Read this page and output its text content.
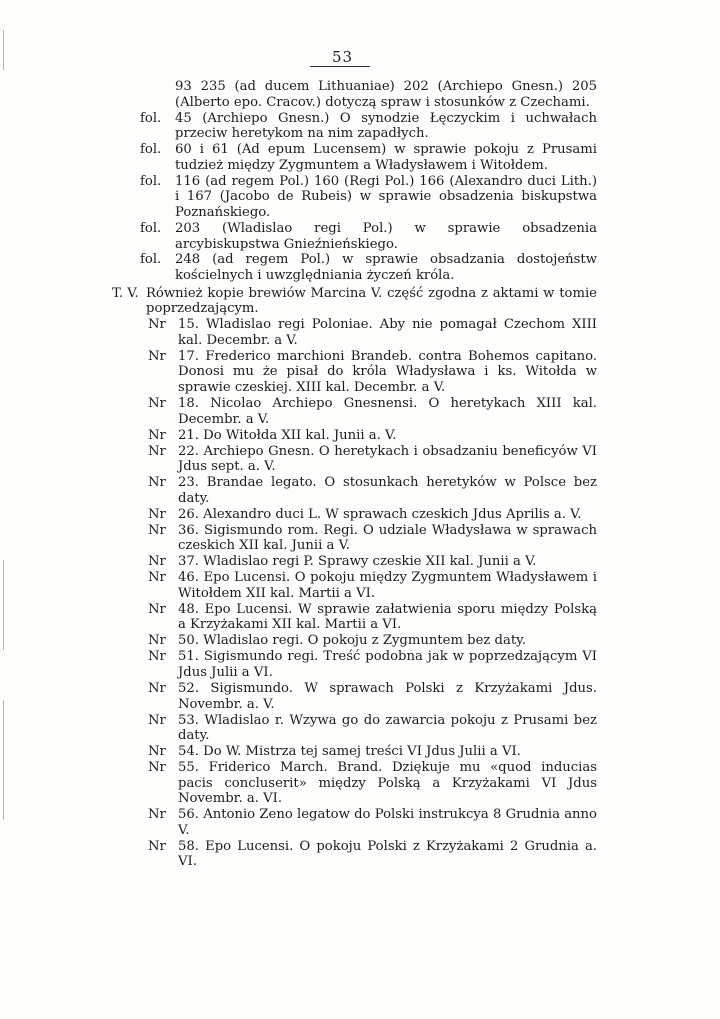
53
93 235 (ad ducem Lithuaniae) 202 (Archiepo Gnesn.) 205 (Alberto epo. Cracov.) dotyczą spraw i stosunków z Czechami.
fol. 45 (Archiepo Gnesn.) O synodzie Łęczyckim i uchwałach przeciw heretykom na nim zapadłych.
fol. 60 i 61 (Ad epum Lucensem) w sprawie pokoju z Prusami tudzież między Zygmuntem a Władysławem i Witołdem.
fol. 116 (ad regem Pol.) 160 (Regi Pol.) 166 (Alexandro duci Lith.) i 167 (Jacobo de Rubeis) w sprawie obsadzenia biskupstwa Poznańskiego.
fol. 203 (Wladislao regi Pol.) w sprawie obsadzenia arcybiskupstwa Gnieźnieńskiego.
fol. 248 (ad regem Pol.) w sprawie obsadzania dostojeństw kościelnych i uwzględniania życzeń króla.
T. V. Również kopie brewiów Marcina V. część zgodna z aktami w tomie poprzedzającym.
Nr 15. Wladislao regi Poloniae. Aby nie pomagał Czechom XIII kal. Decembr. a V.
Nr 17. Frederico marchioni Brandeb. contra Bohemos capitano. Donosi mu że pisał do króla Władysława i ks. Witołda w sprawie czeskiej. XIII kal. Decembr. a V.
Nr 18. Nicolao Archiepo Gnesnensi. O heretykach XIII kal. Decembr. a V.
Nr 21. Do Witołda XII kal. Junii a. V.
Nr 22. Archiepo Gnesn. O heretykach i obsadzaniu beneficyów VI Jdus sept. a. V.
Nr 23. Brandae legato. O stosunkach heretyków w Polsce bez daty.
Nr 26. Alexandro duci L. W sprawach czeskich Jdus Aprilis a. V.
Nr 36. Sigismundo rom. Regi. O udziale Władysława w sprawach czeskich XII kal. Junii a V.
Nr 37. Wladislao regi P. Sprawy czeskie XII kal. Junii a V.
Nr 46. Epo Lucensi. O pokoju między Zygmuntem Władysławem i Witołdem XII kal. Martii a VI.
Nr 48. Epo Lucensi. W sprawie załatwienia sporu między Polską a Krzyżakami XII kal. Martii a VI.
Nr 50. Wladislao regi. O pokoju z Zygmuntem bez daty.
Nr 51. Sigismundo regi. Treść podobna jak w poprzedzającym VI Jdus Julii a VI.
Nr 52. Sigismundo. W sprawach Polski z Krzyżakami Jdus. Novembr. a. V.
Nr 53. Wladislao r. Wzywa go do zawarcia pokoju z Prusami bez daty.
Nr 54. Do W. Mistrza tej samej treści VI Jdus Julii a VI.
Nr 55. Friderico March. Brand. Dziękuje mu «quod inducias pacis concluserit» między Polską a Krzyżakami VI Jdus Novembr. a. VI.
Nr 56. Antonio Zeno legatow do Polski instrukcya 8 Grudnia anno V.
Nr 58. Epo Lucensi. O pokoju Polski z Krzyżakami 2 Grudnia a. VI.
